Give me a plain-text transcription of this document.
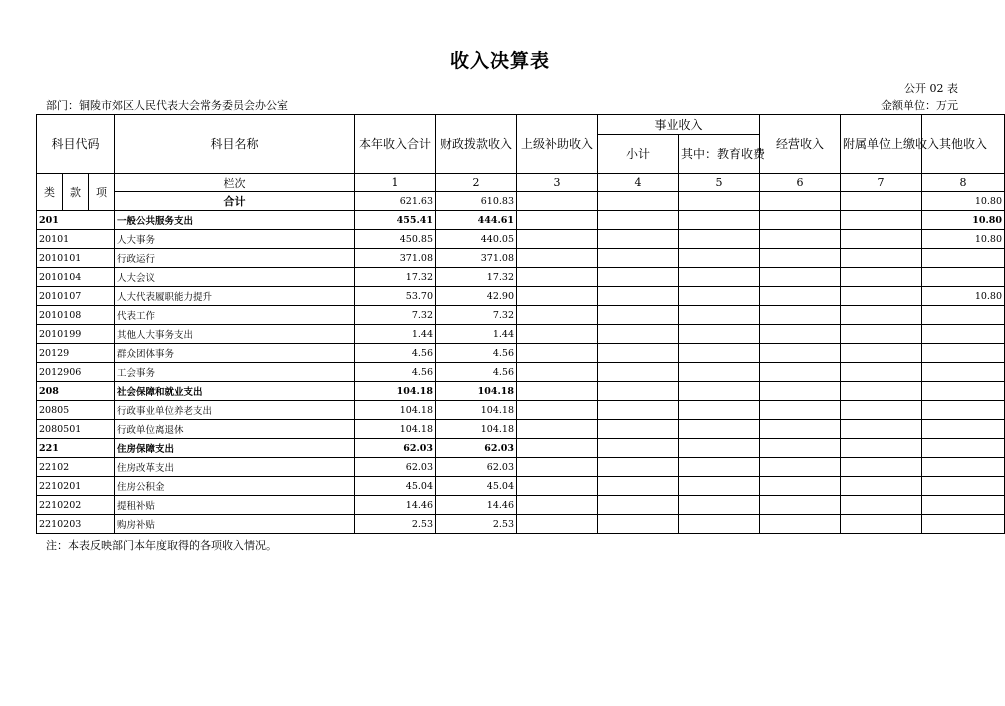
收入决算表
公开 02 表
部门：铜陵市郊区人民代表大会常务委员会办公室	金额单位：万元
科目代码			科目名称	本年收入合计	财政拨款收入	上级补助收入	事业收入		经营收入	附属单位上缴收入	其他收入
							小计	其中：教育收费			
类	款	项	栏次	1	2	3	4	5	6	7	8
			合计	621.63	610.83						10.80
201			一般公共服务支出	455.41	444.61						10.80
20101			人大事务	450.85	440.05						10.80
2010101			行政运行	371.08	371.08						
2010104			人大会议	17.32	17.32						
2010107			人大代表履职能力提升	53.70	42.90						10.80
2010108			代表工作	7.32	7.32						
2010199			其他人大事务支出	1.44	1.44						
20129			群众团体事务	4.56	4.56						
2012906			工会事务	4.56	4.56						
208			社会保障和就业支出	104.18	104.18						
20805			行政事业单位养老支出	104.18	104.18						
2080501			行政单位离退休	104.18	104.18						
221			住房保障支出	62.03	62.03						
22102			住房改革支出	62.03	62.03						
2210201			住房公积金	45.04	45.04						
2210202			提租补贴	14.46	14.46						
2210203			购房补贴	2.53	2.53						
注：本表反映部门本年度取得的各项收入情况。
